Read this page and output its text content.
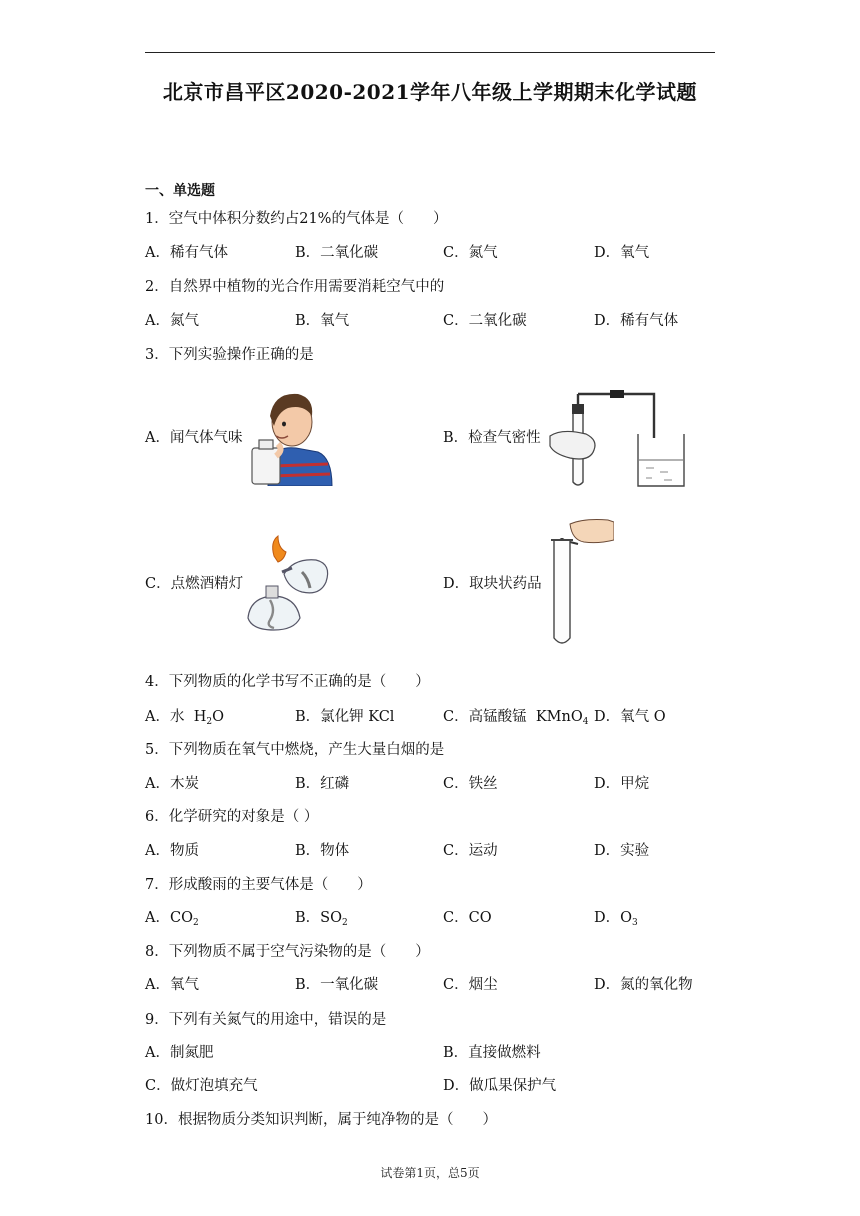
北京市昌平区2020-2021学年八年级上学期期末化学试题
一、单选题
1．空气中体积分数约占21%的气体是（　　）
A．稀有气体	B．二氧化碳	C．氮气	D．氧气
2．自然界中植物的光合作用需要消耗空气中的
A．氮气	B．氧气	C．二氧化碳	D．稀有气体
3．下列实验操作正确的是
A．闻气体气味	B．检查气密性
C．点燃酒精灯	D．取块状药品
4．下列物质的化学书写不正确的是（　　）
A．水 $H_2O$	B．氯化钾 KCl	C．高锰酸锰 KMnO$_4$ D．氧气 O
5．下列物质在氧气中燃烧，产生大量白烟的是
A．木炭	B．红磷	C．铁丝	D．甲烷
6．化学研究的对象是（ ）
A．物质	B．物体	C．运动	D．实验
7．形成酸雨的主要气体是（　　）
A．$CO_2$	B．$SO_2$	C．CO	D．$O_3$
8．下列物质不属于空气污染物的是（　　）
A．氧气	B．一氧化碳	C．烟尘	D．氮的氧化物
9．下列有关氮气的用途中，错误的是
A．制氮肥	B．直接做燃料
C．做灯泡填充气	D．做瓜果保护气
10．根据物质分类知识判断，属于纯净物的是（　　）
试卷第1页，总5页
